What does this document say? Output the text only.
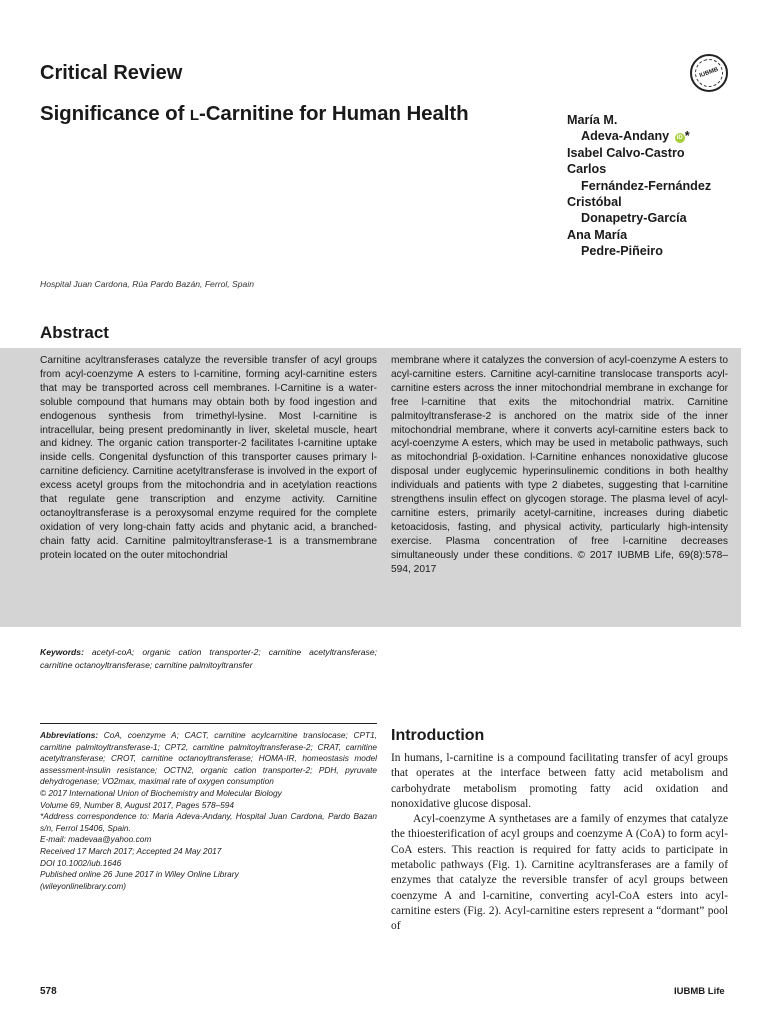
Critical Review	IUBMB
Significance of L-Carnitine for Human Health	María M.
Adeva-Andany iD *
Isabel Calvo-Castro
Carlos
Fernández-Fernández
Cristóbal
Donapetry-García
Ana María
Pedre-Piñeiro
Hospital Juan Cardona, Rúa Pardo Bazán, Ferrol, Spain
Abstract
Carnitine acyltransferases catalyze the reversible transfer of acyl groups from acyl-coenzyme A esters to l-carnitine, forming acyl-carnitine esters that may be transported across cell membranes. l-Carnitine is a water-soluble compound that humans may obtain both by food ingestion and endogenous synthesis from trimethyl-lysine. Most l-carnitine is intracellular, being present predominantly in liver, skeletal muscle, heart and kidney. The organic cation transporter-2 facilitates l-carnitine uptake inside cells. Congenital dysfunction of this transporter causes primary l-carnitine deficiency. Carnitine acetyltransferase is involved in the export of excess acetyl groups from the mitochondria and in acetylation reactions that regulate gene transcription and enzyme activity. Carnitine octanoyltransferase is a peroxysomal enzyme required for the complete oxidation of very long-chain fatty acids and phytanic acid, a branched-chain fatty acid. Carnitine palmitoyltransferase-1 is a transmembrane protein located on the outer mitochondrial
membrane where it catalyzes the conversion of acyl-coenzyme A esters to acyl-carnitine esters. Carnitine acyl-carnitine translocase transports acyl-carnitine esters across the inner mitochondrial membrane in exchange for free l-carnitine that exits the mitochondrial matrix. Carnitine palmitoyltransferase-2 is anchored on the matrix side of the inner mitochondrial membrane, where it converts acyl-carnitine esters back to acyl-coenzyme A esters, which may be used in metabolic pathways, such as mitochondrial β-oxidation. l-Carnitine enhances nonoxidative glucose disposal under euglycemic hyperinsulinemic conditions in both healthy individuals and patients with type 2 diabetes, suggesting that l-carnitine strengthens insulin effect on glycogen storage. The plasma level of acyl-carnitine esters, primarily acetyl-carnitine, increases during diabetic ketoacidosis, fasting, and physical activity, particularly high-intensity exercise. Plasma concentration of free l-carnitine decreases simultaneously under these conditions. © 2017 IUBMB Life, 69(8):578–594, 2017
Keywords: acetyl-coA; organic cation transporter-2; carnitine acetyltransferase; carnitine octanoyltransferase; carnitine palmitoyltransfer

Abbreviations: CoA, coenzyme A; CACT, carnitine acylcarnitine translocase; CPT1, carnitine palmitoyltransferase-1; CPT2, carnitine palmitoyltransferase-2; CRAT, carnitine acetyltransferase; CROT, carnitine octanoyltransferase; HOMA-IR, homeostasis model assessment-insulin resistance; OCTN2, organic cation transporter-2; PDH, pyruvate dehydrogenase; VO2max, maximal rate of oxygen consumption

© 2017 International Union of Biochemistry and Molecular Biology

Volume 69, Number 8, August 2017, Pages 578–594

*Address correspondence to: Maria Adeva-Andany, Hospital Juan Cardona, Pardo Bazan s/n, Ferrol 15406, Spain.

E-mail: madevaa@yahoo.com

Received 17 March 2017; Accepted 24 May 2017

DOI 10.1002/iub.1646

Published online 26 June 2017 in Wiley Online Library

(wileyonlinelibrary.com)

Introduction

In humans, l-carnitine is a compound facilitating transfer of acyl groups that operates at the interface between fatty acid metabolism and carbohydrate metabolism promoting fatty acid oxidation and nonoxidative glucose disposal.

Acyl-coenzyme A synthetases are a family of enzymes that catalyze the thioesterification of acyl groups and coenzyme A (CoA) to form acyl-CoA esters. This reaction is required for fatty acids to participate in metabolic pathways (Fig. 1). Carnitine acyltransferases are a family of enzymes that catalyze the reversible transfer of acyl groups between coenzyme A and l-carnitine, converting acyl-CoA esters into acyl-carnitine esters (Fig. 2). Acyl-carnitine esters represent a “dormant” pool of

578	IUBMB Life
